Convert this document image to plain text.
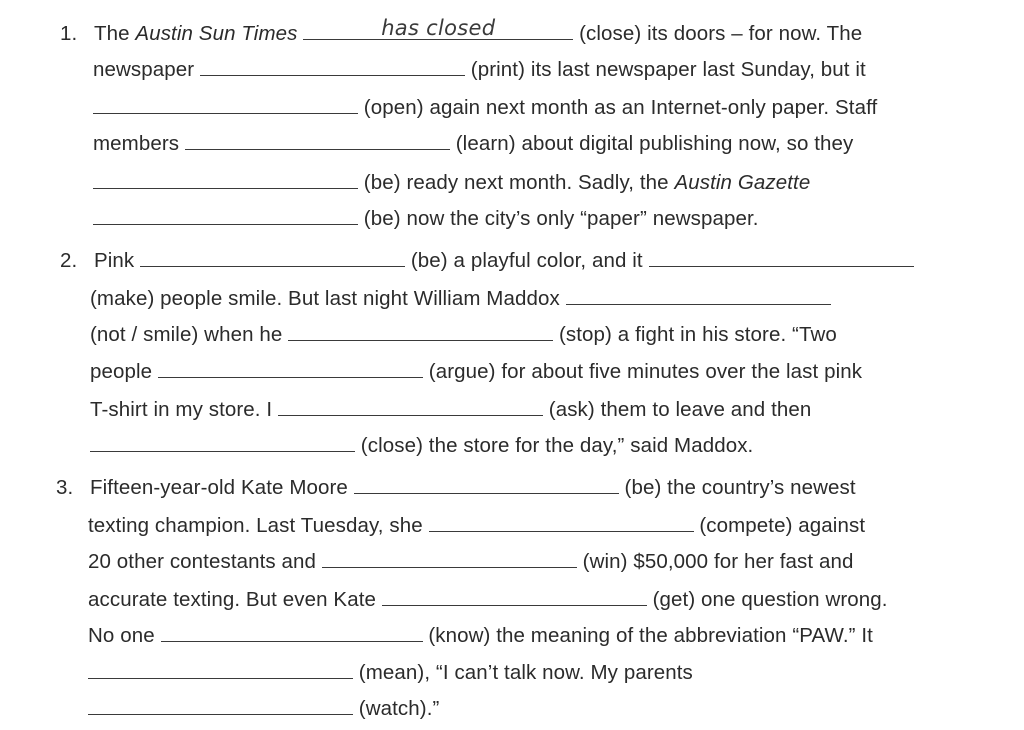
1. The Austin Sun Times	has closed	(close) its doors – for now. The
newspaper	(print) its last newspaper last Sunday, but it
(open) again next month as an Internet-only paper. Staff
members	(learn) about digital publishing now, so they
(be) ready next month. Sadly, the Austin Gazette
(be) now the city’s only “paper” newspaper.
2. Pink	(be) a playful color, and it
(make) people smile. But last night William Maddox
(not / smile) when he	(stop) a fight in his store. “Two
people	(argue) for about five minutes over the last pink
T-shirt in my store. I	(ask) them to leave and then
(close) the store for the day,” said Maddox.
3. Fifteen-year-old Kate Moore	(be) the country’s newest
texting champion. Last Tuesday, she	(compete) against
20 other contestants and	(win) $50,000 for her fast and
accurate texting. But even Kate	(get) one question wrong.
No one	(know) the meaning of the abbreviation “PAW.” It
(mean), “I can’t talk now. My parents
(watch).”
